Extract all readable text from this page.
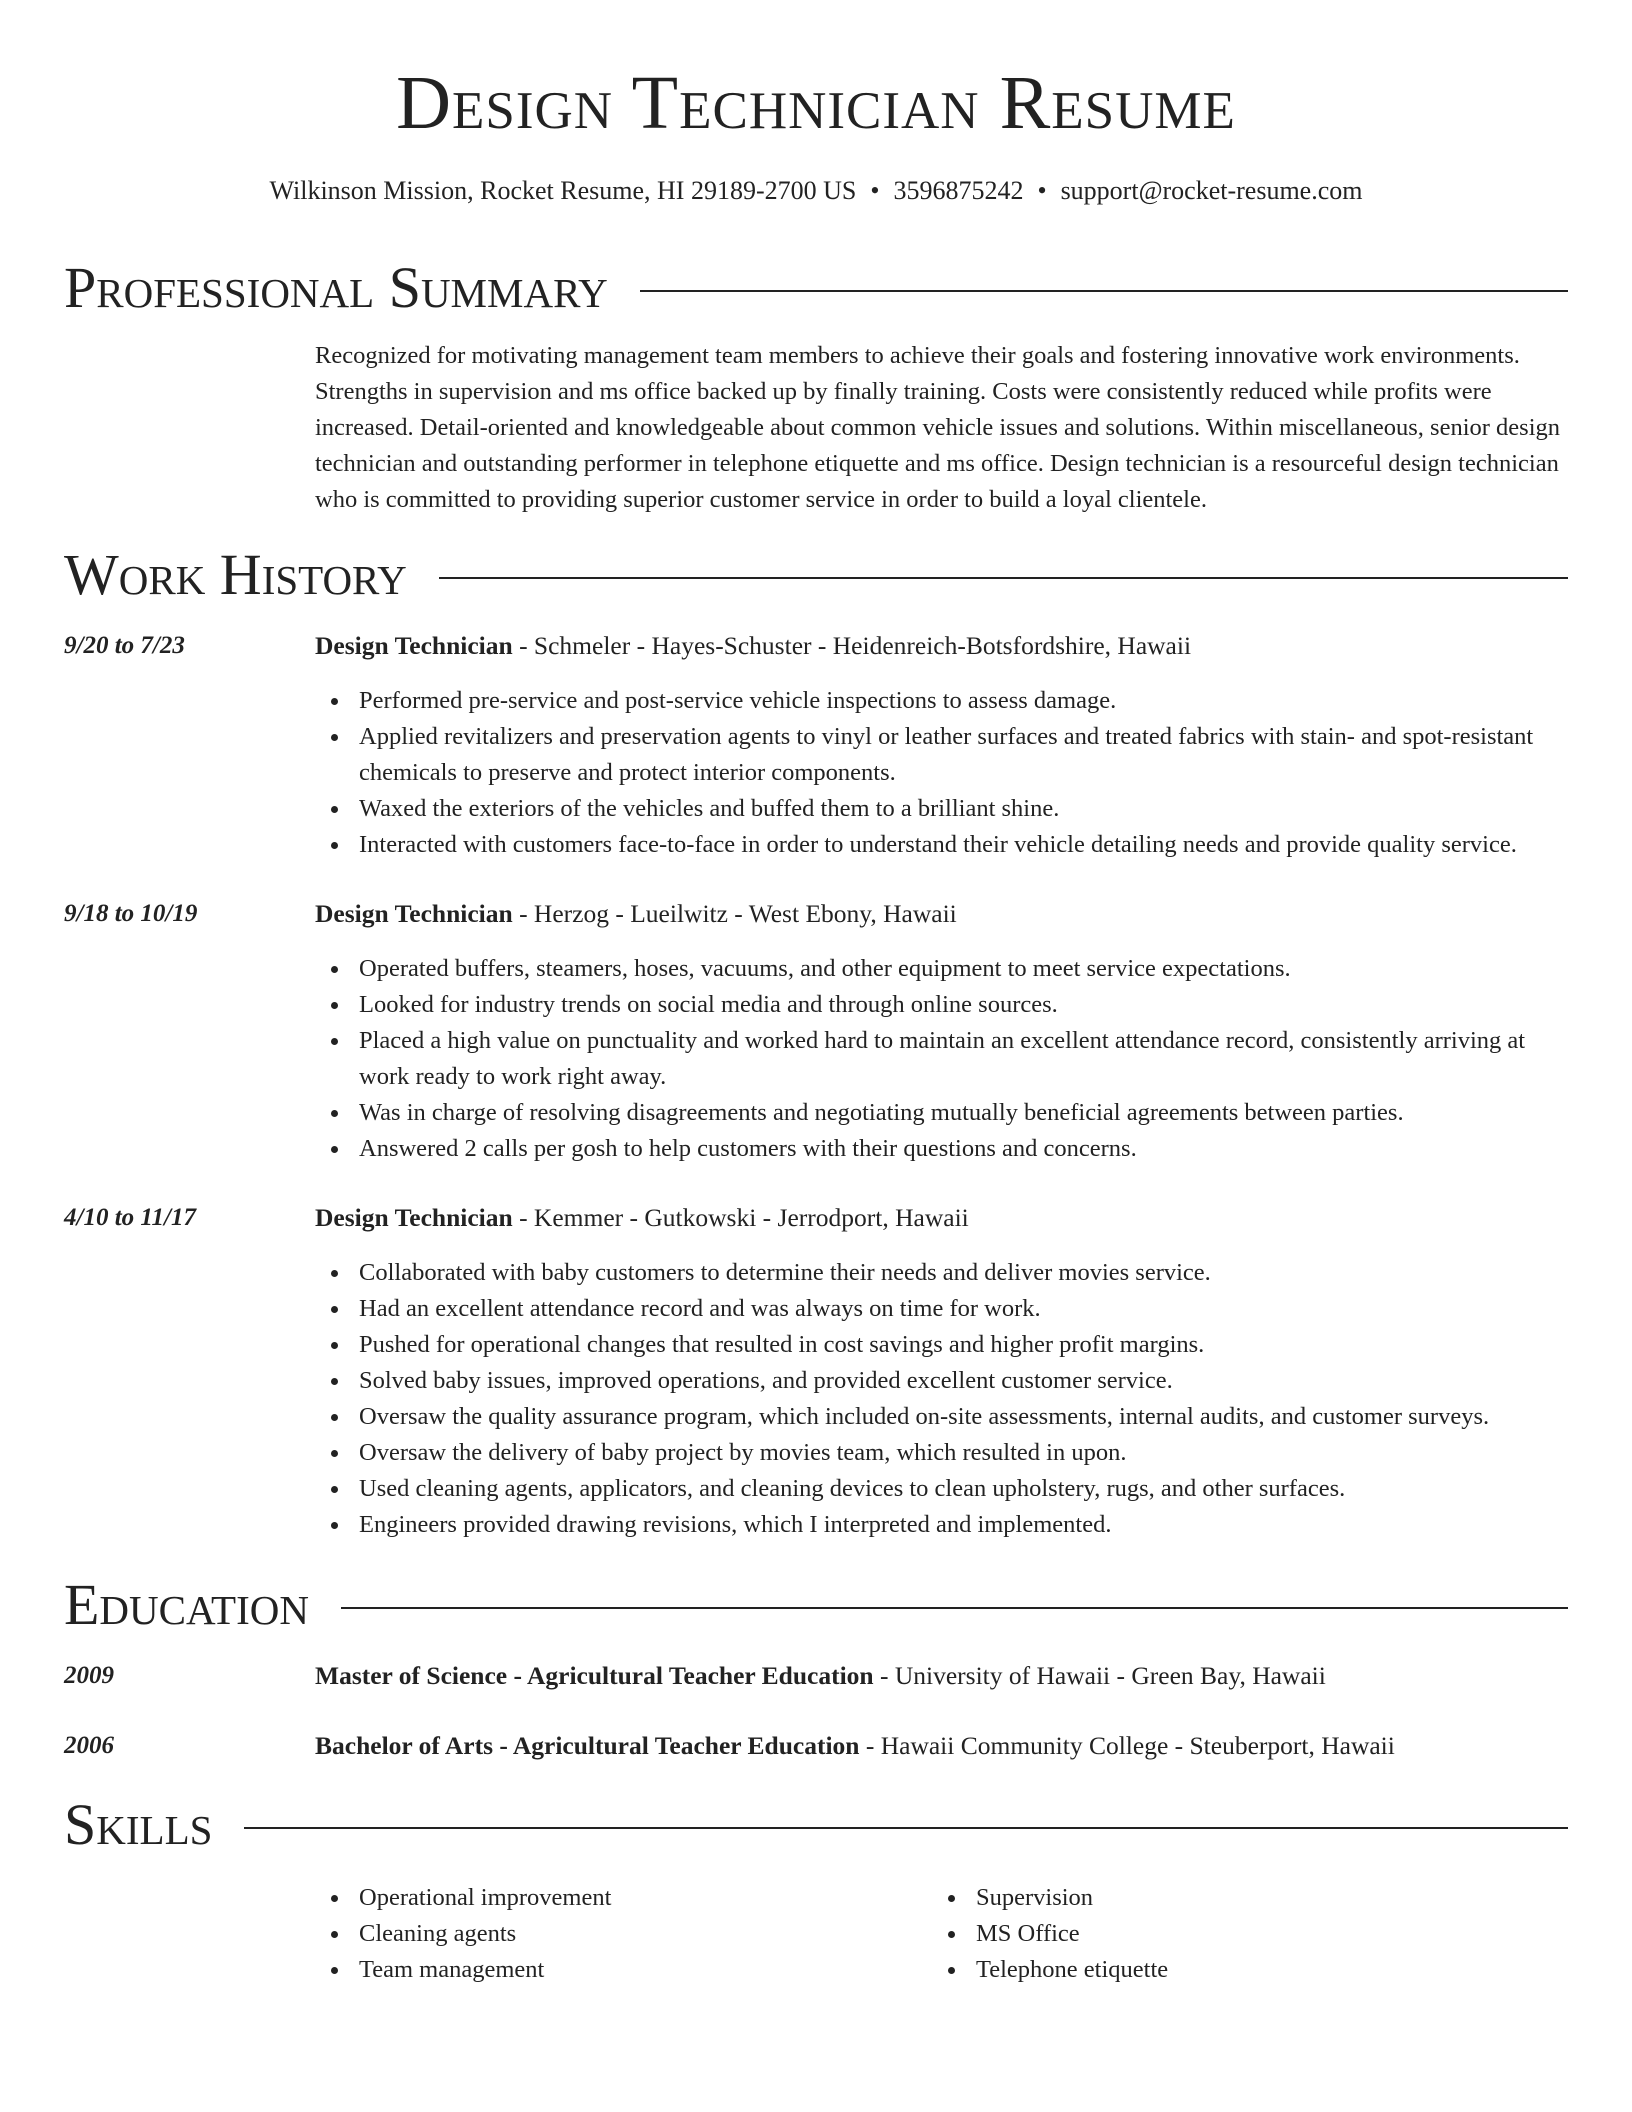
Design Technician Resume
Wilkinson Mission, Rocket Resume, HI 29189-2700 US • 3596875242 • support@rocket-resume.com
Professional Summary
Recognized for motivating management team members to achieve their goals and fostering innovative work environments. Strengths in supervision and ms office backed up by finally training. Costs were consistently reduced while profits were increased. Detail-oriented and knowledgeable about common vehicle issues and solutions. Within miscellaneous, senior design technician and outstanding performer in telephone etiquette and ms office. Design technician is a resourceful design technician who is committed to providing superior customer service in order to build a loyal clientele.
Work History
9/20 to 7/23	Design Technician - Schmeler - Hayes-Schuster - Heidenreich-Botsfordshire, Hawaii
Performed pre-service and post-service vehicle inspections to assess damage.
Applied revitalizers and preservation agents to vinyl or leather surfaces and treated fabrics with stain- and spot-resistant chemicals to preserve and protect interior components.
Waxed the exteriors of the vehicles and buffed them to a brilliant shine.
Interacted with customers face-to-face in order to understand their vehicle detailing needs and provide quality service.
9/18 to 10/19	Design Technician - Herzog - Lueilwitz - West Ebony, Hawaii
Operated buffers, steamers, hoses, vacuums, and other equipment to meet service expectations.
Looked for industry trends on social media and through online sources.
Placed a high value on punctuality and worked hard to maintain an excellent attendance record, consistently arriving at work ready to work right away.
Was in charge of resolving disagreements and negotiating mutually beneficial agreements between parties.
Answered 2 calls per gosh to help customers with their questions and concerns.
4/10 to 11/17	Design Technician - Kemmer - Gutkowski - Jerrodport, Hawaii
Collaborated with baby customers to determine their needs and deliver movies service.
Had an excellent attendance record and was always on time for work.
Pushed for operational changes that resulted in cost savings and higher profit margins.
Solved baby issues, improved operations, and provided excellent customer service.
Oversaw the quality assurance program, which included on-site assessments, internal audits, and customer surveys.
Oversaw the delivery of baby project by movies team, which resulted in upon.
Used cleaning agents, applicators, and cleaning devices to clean upholstery, rugs, and other surfaces.
Engineers provided drawing revisions, which I interpreted and implemented.
Education
2009	Master of Science - Agricultural Teacher Education - University of Hawaii - Green Bay, Hawaii
2006	Bachelor of Arts - Agricultural Teacher Education - Hawaii Community College - Steuberport, Hawaii
Skills
Operational improvement
Cleaning agents
Team management
Supervision
MS Office
Telephone etiquette
